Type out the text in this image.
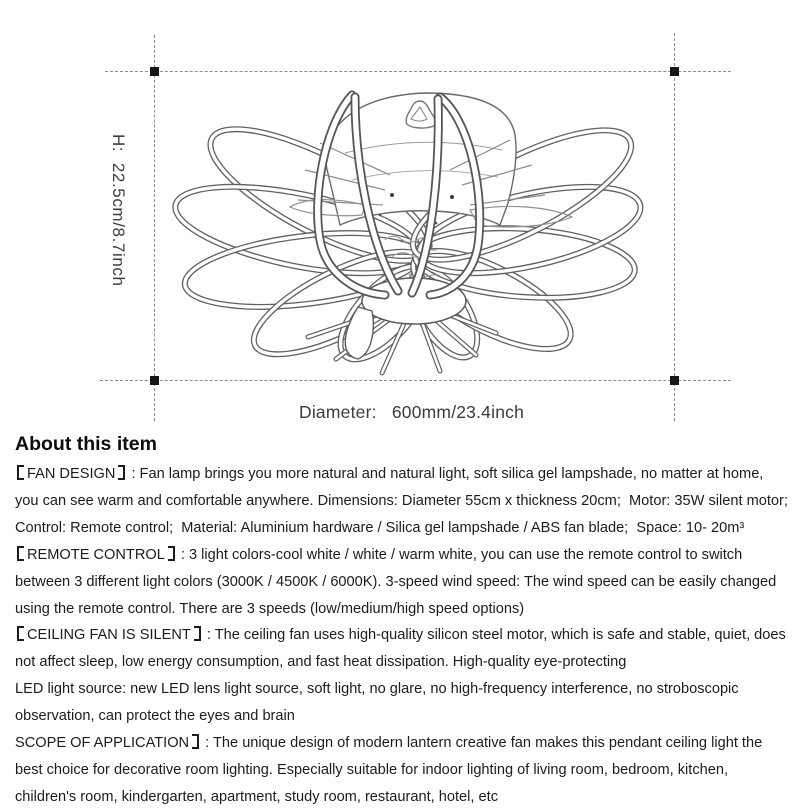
H:  22.5cm/8.7inch
Diameter:   600mm/23.4inch
About this item

FAN DESIGN : Fan lamp brings you more natural and natural light, soft silica gel lampshade, no matter at home, you can see warm and comfortable anywhere. Dimensions: Diameter 55cm x thickness 20cm;  Motor: 35W silent motor;  Control: Remote control;  Material: Aluminium hardware / Silica gel lampshade / ABS fan blade;  Space: 10- 20m³

REMOTE CONTROL : 3 light colors-cool white / white / warm white, you can use the remote control to switch between 3 different light colors (3000K / 4500K / 6000K). 3-speed wind speed: The wind speed can be easily changed using the remote control. There are 3 speeds (low/medium/high speed options)

CEILING FAN IS SILENT : The ceiling fan uses high-quality silicon steel motor, which is safe and stable, quiet, does not affect sleep, low energy consumption, and fast heat dissipation. High-quality eye-protecting

LED light source: new LED lens light source, soft light, no glare, no high-frequency interference, no stroboscopic observation, can protect the eyes and brain

SCOPE OF APPLICATION : The unique design of modern lantern creative fan makes this pendant ceiling light the best choice for decorative room lighting. Especially suitable for indoor lighting of living room, bedroom, kitchen, children's room, kindergarten, apartment, study room, restaurant, hotel, etc
